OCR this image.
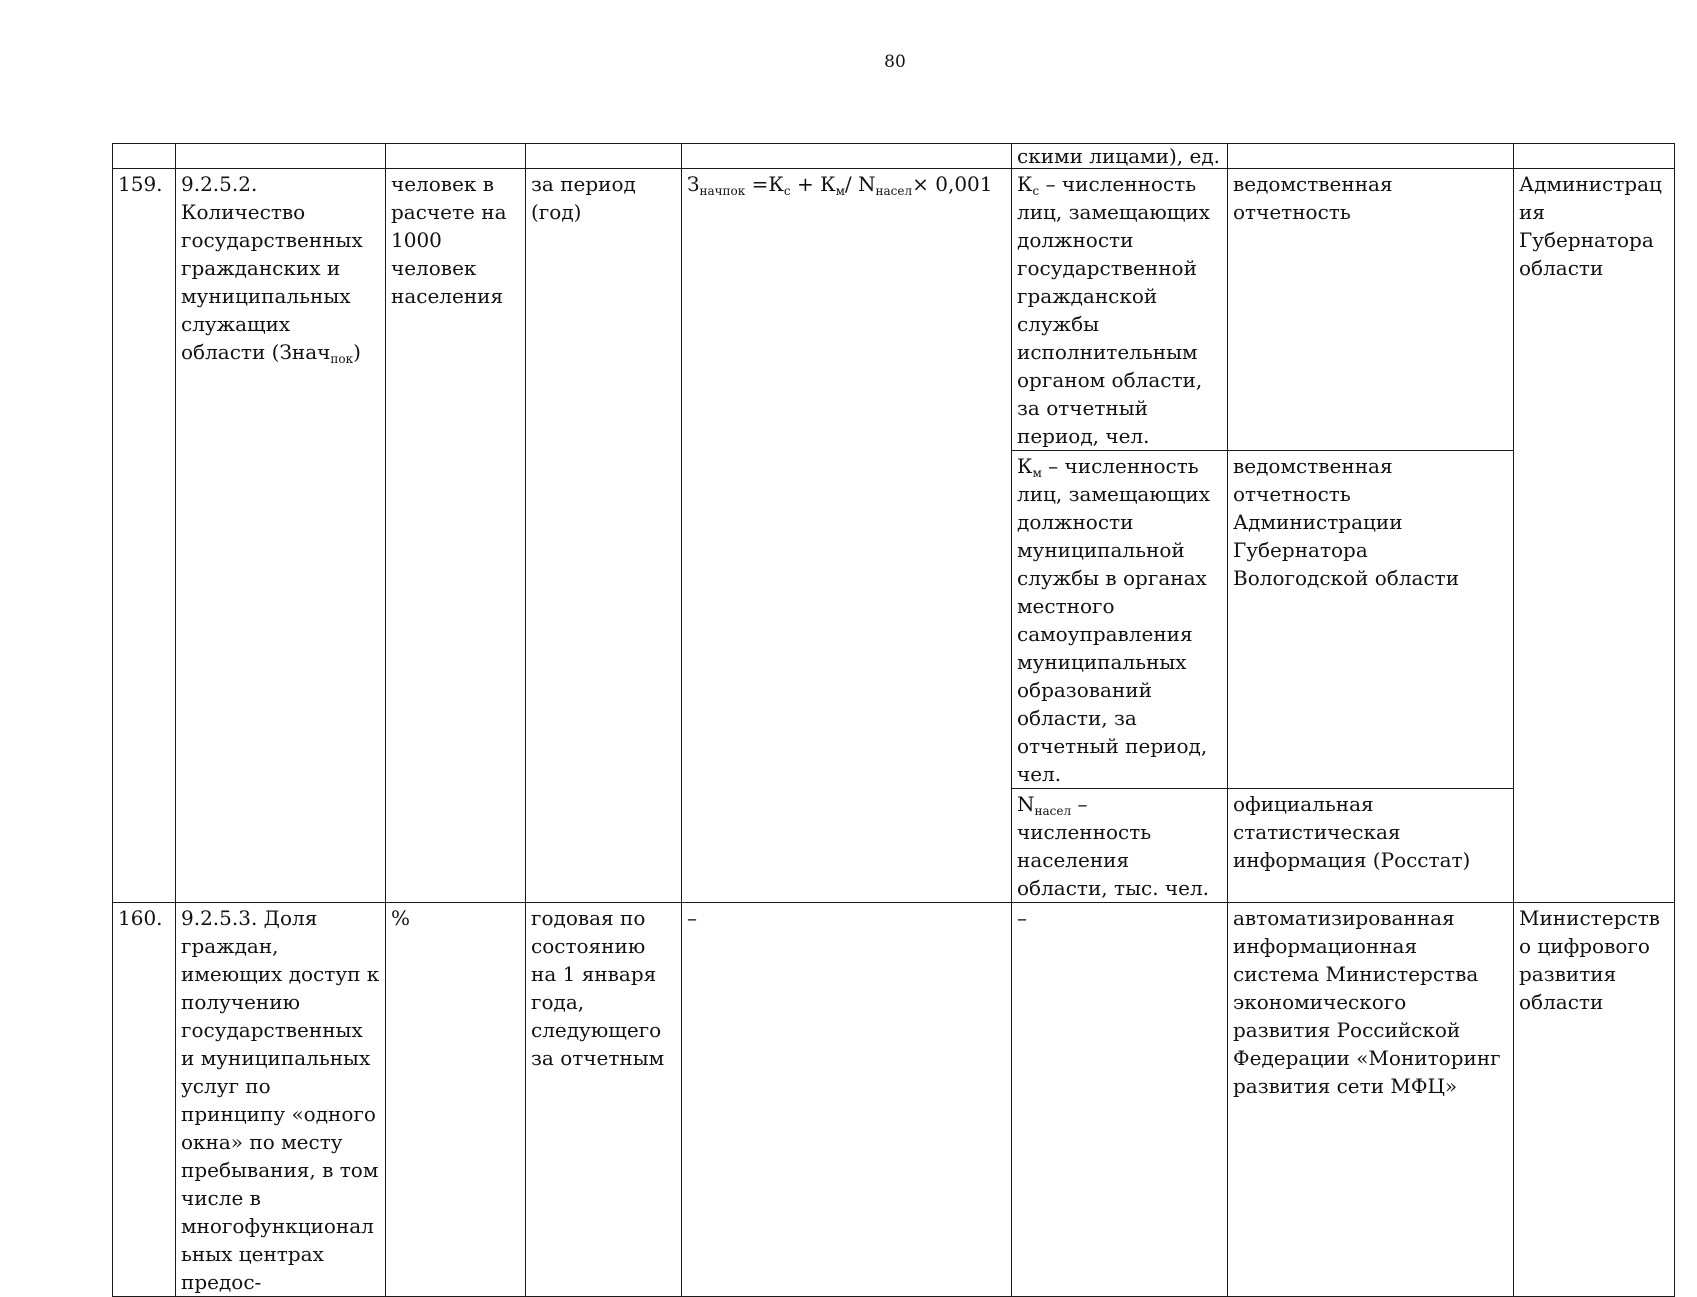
80
					скими лицами), ед.		
159.	9.2.5.2. Количество государственных гражданских и муниципальных служащих области (Знач$_{пок}$)	человек в расчете на 1000 человек населения	за период (год)	$З_{начпок} =К_с + К_м/$ $N_{насел}\times 0,001$	$К_с$ – численность лиц, замещающих должности государственной гражданской службы исполнительным органом области, за отчетный период, чел.	ведомственная отчетность	Администрация Губернатора области
					$К_м$ – численность лиц, замещающих должности муниципальной службы в органах местного самоуправления муниципальных образований области, за отчетный период, чел.	ведомственная отчетность Администрации Губернатора Вологодской области	
					$N_{насел}$ – численность населения области, тыс. чел.	официальная статистическая информация (Росстат)	
160.	9.2.5.3. Доля граждан, имеющих доступ к получению государственных и муниципальных услуг по принципу «одного окна» по месту пребывания, в том числе в многофункциональных центрах предос-	%	годовая по состоянию на 1 января года, следующего за отчетным	–	–	автоматизированная информационная система Министерства экономического развития Российской Федерации «Мониторинг развития сети МФЦ»	Министерство цифрового развития области
